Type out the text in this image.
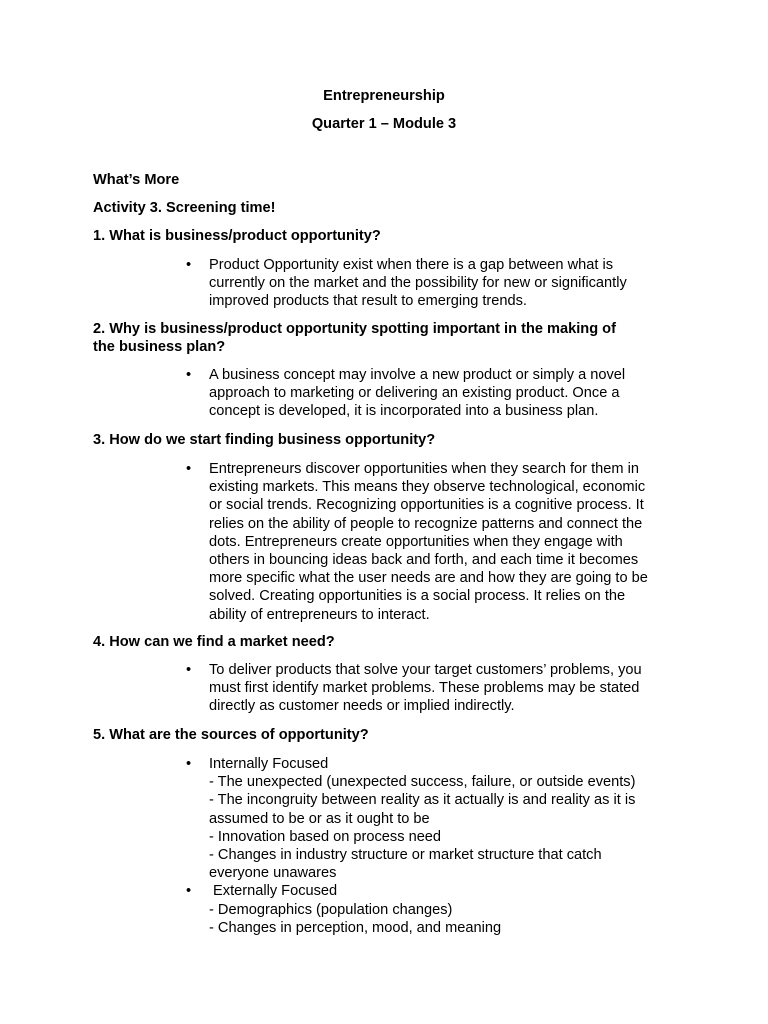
Entrepreneurship
Quarter 1 – Module 3
What’s More
Activity 3. Screening time!
1. What is business/product opportunity?
• Product Opportunity exist when there is a gap between what is
currently on the market and the possibility for new or significantly
improved products that result to emerging trends.
2. Why is business/product opportunity spotting important in the making of
the business plan?
• A business concept may involve a new product or simply a novel
approach to marketing or delivering an existing product. Once a
concept is developed, it is incorporated into a business plan.
3. How do we start finding business opportunity?
• Entrepreneurs discover opportunities when they search for them in
existing markets. This means they observe technological, economic
or social trends. Recognizing opportunities is a cognitive process. It
relies on the ability of people to recognize patterns and connect the
dots. Entrepreneurs create opportunities when they engage with
others in bouncing ideas back and forth, and each time it becomes
more specific what the user needs are and how they are going to be
solved. Creating opportunities is a social process. It relies on the
ability of entrepreneurs to interact.
4. How can we find a market need?
• To deliver products that solve your target customers’ problems, you
must first identify market problems. These problems may be stated
directly as customer needs or implied indirectly.
5. What are the sources of opportunity?
• Internally Focused
- The unexpected (unexpected success, failure, or outside events)
- The incongruity between reality as it actually is and reality as it is
assumed to be or as it ought to be
- Innovation based on process need
- Changes in industry structure or market structure that catch
everyone unawares
• Externally Focused
- Demographics (population changes)
- Changes in perception, mood, and meaning
